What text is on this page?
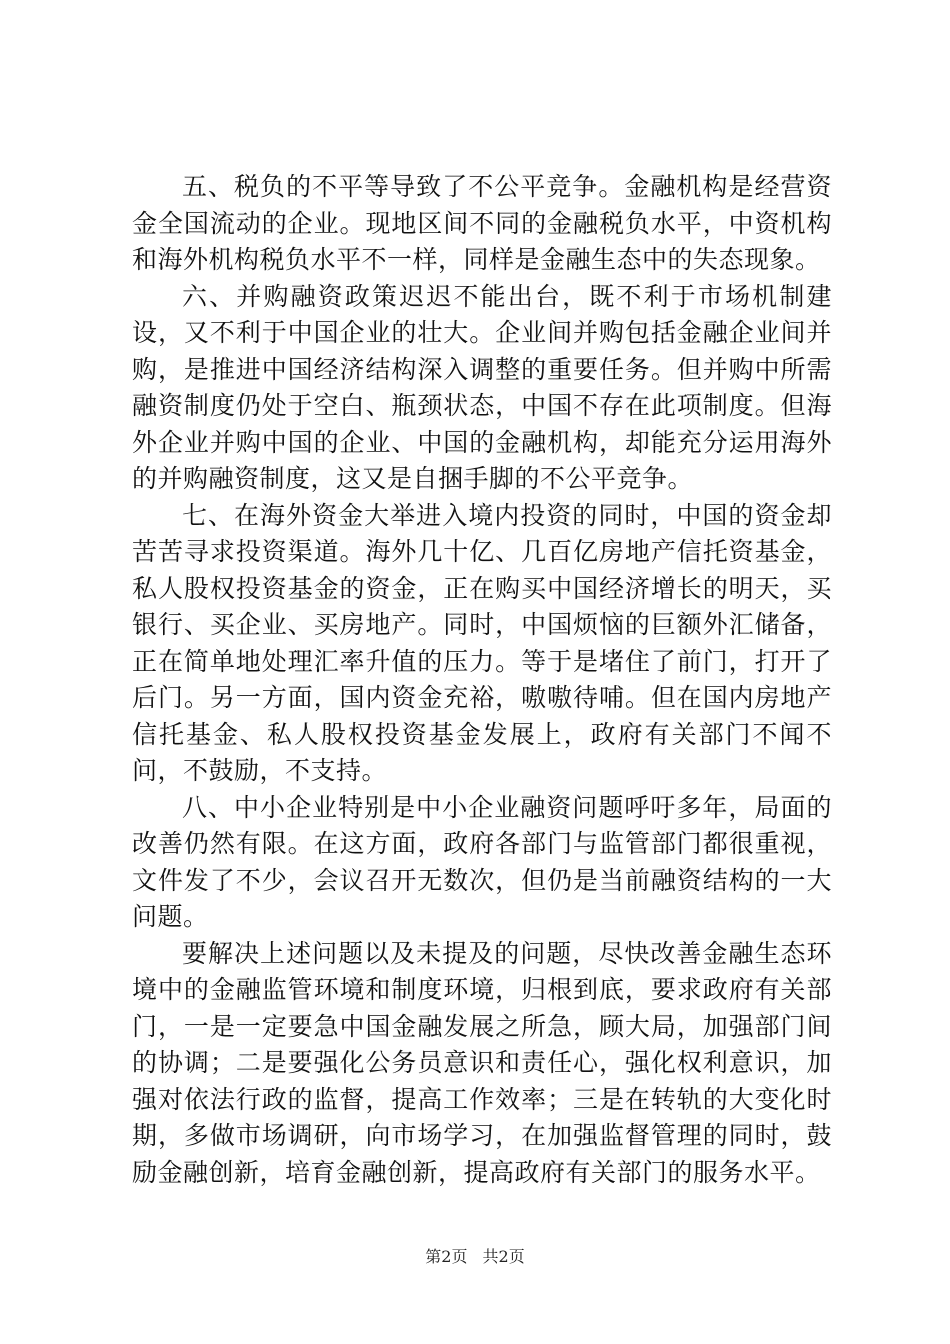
五、税负的不平等导致了不公平竞争。金融机构是经营资金全国流动的企业。现地区间不同的金融税负水平，中资机构和海外机构税负水平不一样，同样是金融生态中的失态现象。

六、并购融资政策迟迟不能出台，既不利于市场机制建设，又不利于中国企业的壮大。企业间并购包括金融企业间并购，是推进中国经济结构深入调整的重要任务。但并购中所需融资制度仍处于空白、瓶颈状态，中国不存在此项制度。但海外企业并购中国的企业、中国的金融机构，却能充分运用海外的并购融资制度，这又是自捆手脚的不公平竞争。

七、在海外资金大举进入境内投资的同时，中国的资金却苦苦寻求投资渠道。海外几十亿、几百亿房地产信托资基金，私人股权投资基金的资金，正在购买中国经济增长的明天，买银行、买企业、买房地产。同时，中国烦恼的巨额外汇储备，正在简单地处理汇率升值的压力。等于是堵住了前门，打开了后门。另一方面，国内资金充裕，嗷嗷待哺。但在国内房地产信托基金、私人股权投资基金发展上，政府有关部门不闻不问，不鼓励，不支持。

八、中小企业特别是中小企业融资问题呼吁多年，局面的改善仍然有限。在这方面，政府各部门与监管部门都很重视，文件发了不少，会议召开无数次，但仍是当前融资结构的一大问题。

要解决上述问题以及未提及的问题，尽快改善金融生态环境中的金融监管环境和制度环境，归根到底，要求政府有关部门，一是一定要急中国金融发展之所急，顾大局，加强部门间的协调；二是要强化公务员意识和责任心，强化权利意识，加强对依法行政的监督，提高工作效率；三是在转轨的大变化时期，多做市场调研，向市场学习，在加强监督管理的同时，鼓励金融创新，培育金融创新，提高政府有关部门的服务水平。

第2页 共2页
